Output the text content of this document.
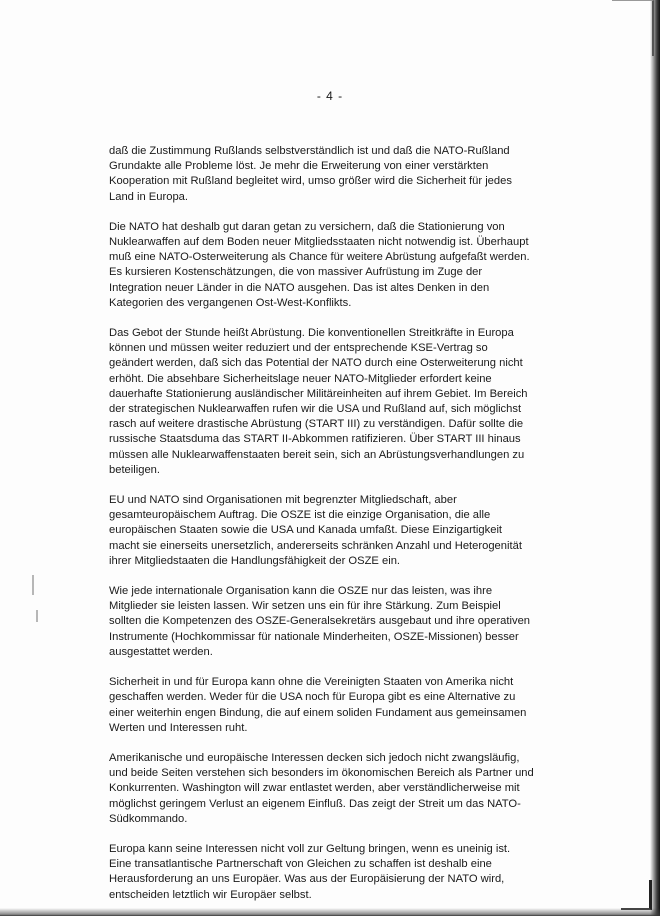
- 4 -

daß die Zustimmung Rußlands selbstverständlich ist und daß die NATO-Rußland Grundakte alle Probleme löst. Je mehr die Erweiterung von einer verstärkten Kooperation mit Rußland begleitet wird, umso größer wird die Sicherheit für jedes Land in Europa.

Die NATO hat deshalb gut daran getan zu versichern, daß die Stationierung von Nuklearwaffen auf dem Boden neuer Mitgliedsstaaten nicht notwendig ist. Überhaupt muß eine NATO-Osterweiterung als Chance für weitere Abrüstung aufgefaßt werden. Es kursieren Kostenschätzungen, die von massiver Aufrüstung im Zuge der Integration neuer Länder in die NATO ausgehen. Das ist altes Denken in den Kategorien des vergangenen Ost-West-Konflikts.

Das Gebot der Stunde heißt Abrüstung. Die konventionellen Streitkräfte in Europa können und müssen weiter reduziert und der entsprechende KSE-Vertrag so geändert werden, daß sich das Potential der NATO durch eine Osterweiterung nicht erhöht. Die absehbare Sicherheitslage neuer NATO-Mitglieder erfordert keine dauerhafte Stationierung ausländischer Militäreinheiten auf ihrem Gebiet. Im Bereich der strategischen Nuklearwaffen rufen wir die USA und Rußland auf, sich möglichst rasch auf weitere drastische Abrüstung (START III) zu verständigen. Dafür sollte die russische Staatsduma das START II-Abkommen ratifizieren. Über START III hinaus müssen alle Nuklearwaffenstaaten bereit sein, sich an Abrüstungsverhandlungen zu beteiligen.

EU und NATO sind Organisationen mit begrenzter Mitgliedschaft, aber gesamteuropäischem Auftrag. Die OSZE ist die einzige Organisation, die alle europäischen Staaten sowie die USA und Kanada umfaßt. Diese Einzigartigkeit macht sie einerseits unersetzlich, andererseits schränken Anzahl und Heterogenität ihrer Mitgliedstaaten die Handlungsfähigkeit der OSZE ein.

Wie jede internationale Organisation kann die OSZE nur das leisten, was ihre Mitglieder sie leisten lassen. Wir setzen uns ein für ihre Stärkung. Zum Beispiel sollten die Kompetenzen des OSZE-Generalsekretärs ausgebaut und ihre operativen Instrumente (Hochkommissar für nationale Minderheiten, OSZE-Missionen) besser ausgestattet werden.

Sicherheit in und für Europa kann ohne die Vereinigten Staaten von Amerika nicht geschaffen werden. Weder für die USA noch für Europa gibt es eine Alternative zu einer weiterhin engen Bindung, die auf einem soliden Fundament aus gemeinsamen Werten und Interessen ruht.

Amerikanische und europäische Interessen decken sich jedoch nicht zwangsläufig, und beide Seiten verstehen sich besonders im ökonomischen Bereich als Partner und Konkurrenten. Washington will zwar entlastet werden, aber verständlicherweise mit möglichst geringem Verlust an eigenem Einfluß. Das zeigt der Streit um das NATO-Südkommando.

Europa kann seine Interessen nicht voll zur Geltung bringen, wenn es uneinig ist. Eine transatlantische Partnerschaft von Gleichen zu schaffen ist deshalb eine Herausforderung an uns Europäer. Was aus der Europäisierung der NATO wird, entscheiden letztlich wir Europäer selbst.
